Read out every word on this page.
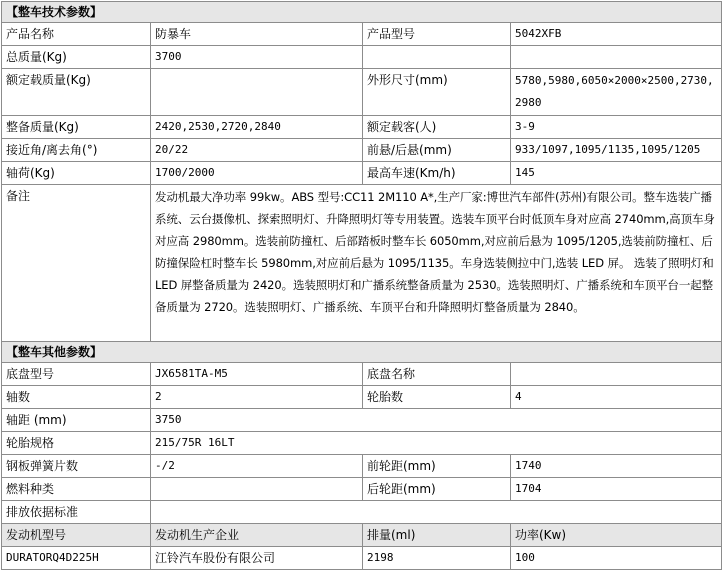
【整车技术参数】			
产品名称	防暴车	产品型号	5042XFB
总质量(Kg)	3700		
额定载质量(Kg)		外形尺寸(mm)	5780,5980,6050×2000×2500,2730,2980
整备质量(Kg)	2420,2530,2720,2840	额定载客(人)	3-9
接近角/离去角(°)	20/22	前悬/后悬(mm)	933/1097,1095/1135,1095/1205
轴荷(Kg)	1700/2000	最高车速(Km/h)	145
备注	发动机最大净功率 99kw。ABS 型号:CC11 2M110 A*,生产厂家:博世汽车部件(苏州)有限公司。整车选装广播系统、云台摄像机、探索照明灯、升降照明灯等专用装置。选装车顶平台时低顶车身对应高 2740mm,高顶车身对应高 2980mm。选装前防撞杠、后部踏板时整车长 6050mm,对应前后悬为 1095/1205,选装前防撞杠、后防撞保险杠时整车长 5980mm,对应前后悬为 1095/1135。车身选装侧拉中门,选装 LED 屏。 选装了照明灯和 LED 屏整备质量为 2420。选装照明灯和广播系统整备质量为 2530。选装照明灯、广播系统和车顶平台一起整备质量为 2720。选装照明灯、广播系统、车顶平台和升降照明灯整备质量为 2840。		
【整车其他参数】			
底盘型号	JX6581TA-M5	底盘名称	
轴数	2	轮胎数	4
轴距 (mm)	3750		
轮胎规格	215/75R 16LT		
钢板弹簧片数	-/2	前轮距(mm)	1740
燃料种类		后轮距(mm)	1704
排放依据标准			
发动机型号	发动机生产企业	排量(ml)	功率(Kw)
DURATORQ4D225H	江铃汽车股份有限公司	2198	100
